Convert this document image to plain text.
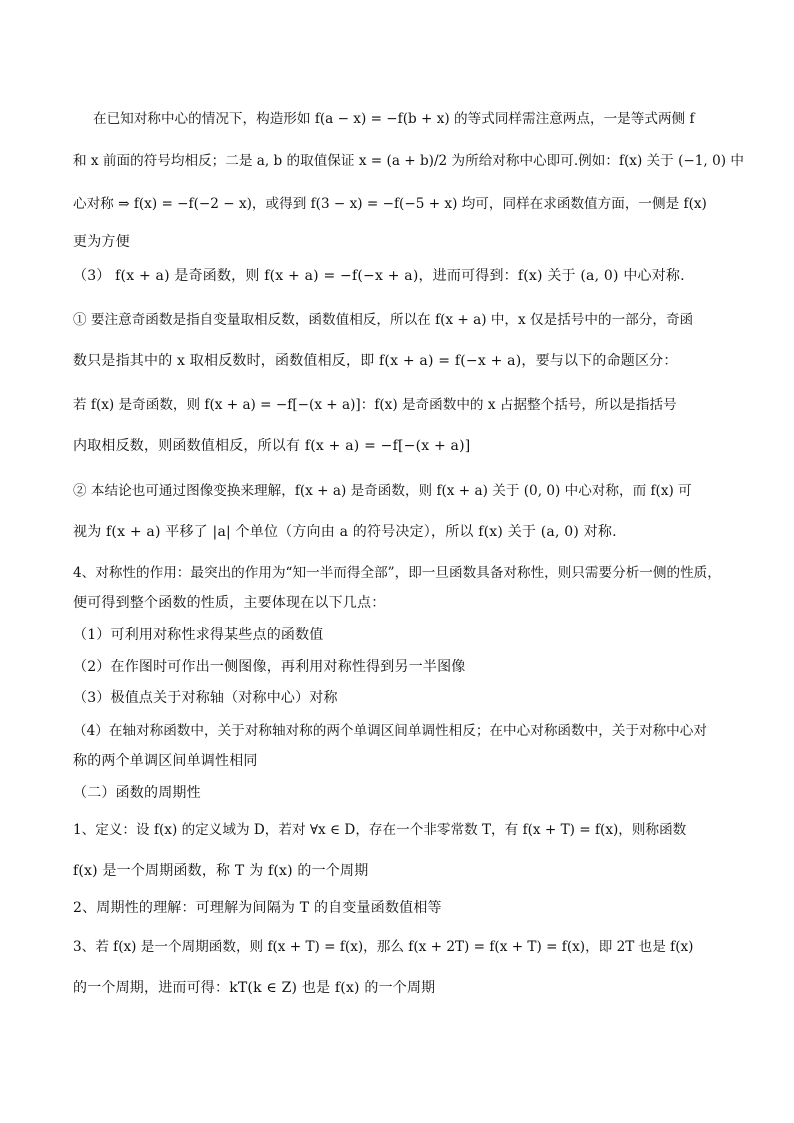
在已知对称中心的情况下，构造形如 f(a − x) = −f(b + x) 的等式同样需注意两点，一是等式两侧 f
和 x 前面的符号均相反；二是 a, b 的取值保证 x = (a + b)/2 为所给对称中心即可.例如：f(x) 关于 (−1, 0) 中
心对称 ⇒ f(x) = −f(−2 − x)，或得到 f(3 − x) = −f(−5 + x) 均可，同样在求函数值方面，一侧是 f(x)
更为方便
（3） f(x + a) 是奇函数，则 f(x + a) = −f(−x + a)，进而可得到：f(x) 关于 (a, 0) 中心对称.
① 要注意奇函数是指自变量取相反数，函数值相反，所以在 f(x + a) 中，x 仅是括号中的一部分，奇函
数只是指其中的 x 取相反数时，函数值相反，即 f(x + a) = f(−x + a)，要与以下的命题区分：
若 f(x) 是奇函数，则 f(x + a) = −f[−(x + a)]：f(x) 是奇函数中的 x 占据整个括号，所以是指括号
内取相反数，则函数值相反，所以有 f(x + a) = −f[−(x + a)]
② 本结论也可通过图像变换来理解，f(x + a) 是奇函数，则 f(x + a) 关于 (0, 0) 中心对称，而 f(x) 可
视为 f(x + a) 平移了 |a| 个单位（方向由 a 的符号决定），所以 f(x) 关于 (a, 0) 对称.
4、对称性的作用：最突出的作用为“知一半而得全部”，即一旦函数具备对称性，则只需要分析一侧的性质，
便可得到整个函数的性质，主要体现在以下几点：
（1）可利用对称性求得某些点的函数值
（2）在作图时可作出一侧图像，再利用对称性得到另一半图像
（3）极值点关于对称轴（对称中心）对称
（4）在轴对称函数中，关于对称轴对称的两个单调区间单调性相反；在中心对称函数中，关于对称中心对
称的两个单调区间单调性相同
（二）函数的周期性
1、定义：设 f(x) 的定义域为 D，若对 ∀x ∈ D，存在一个非零常数 T，有 f(x + T) = f(x)，则称函数
f(x) 是一个周期函数，称 T 为 f(x) 的一个周期
2、周期性的理解：可理解为间隔为 T 的自变量函数值相等
3、若 f(x) 是一个周期函数，则 f(x + T) = f(x)，那么 f(x + 2T) = f(x + T) = f(x)，即 2T 也是 f(x)
的一个周期，进而可得：kT(k ∈ Z) 也是 f(x) 的一个周期
